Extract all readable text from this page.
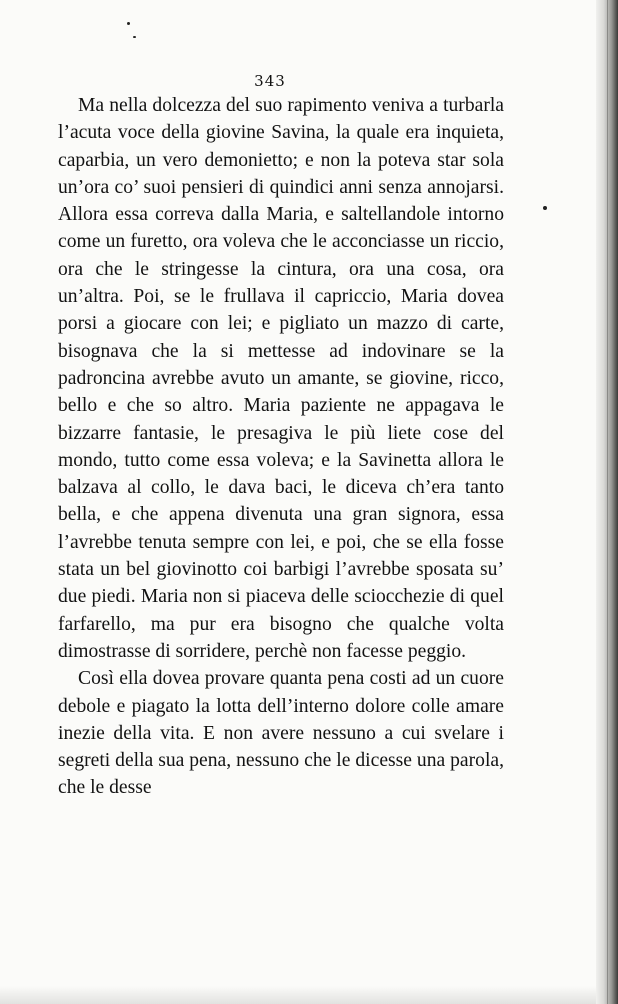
343

Ma nella dolcezza del suo rapimento veniva a turbarla l’acuta voce della giovine Savina, la quale era inquieta, caparbia, un vero demonietto; e non la poteva star sola un’ora co’ suoi pensieri di quindici anni senza annojarsi. Allora essa correva dalla Maria, e saltellandole intorno come un furetto, ora voleva che le acconciasse un riccio, ora che le stringesse la cintura, ora una cosa, ora un’altra. Poi, se le frullava il capriccio, Maria dovea porsi a giocare con lei; e pigliato un mazzo di carte, bisognava che la si mettesse ad indovinare se la padroncina avrebbe avuto un amante, se giovine, ricco, bello e che so altro. Maria paziente ne appagava le bizzarre fantasie, le presagiva le più liete cose del mondo, tutto come essa voleva; e la Savinetta allora le balzava al collo, le dava baci, le diceva ch’era tanto bella, e che appena divenuta una gran signora, essa l’avrebbe tenuta sempre con lei, e poi, che se ella fosse stata un bel giovinotto coi barbigi l’avrebbe sposata su’ due piedi. Maria non si piaceva delle sciocchezie di quel farfarello, ma pur era bisogno che qualche volta dimostrasse di sorridere, perchè non facesse peggio.

Così ella dovea provare quanta pena costi ad un cuore debole e piagato la lotta dell’interno dolore colle amare inezie della vita. E non avere nessuno a cui svelare i segreti della sua pena, nessuno che le dicesse una parola, che le desse
